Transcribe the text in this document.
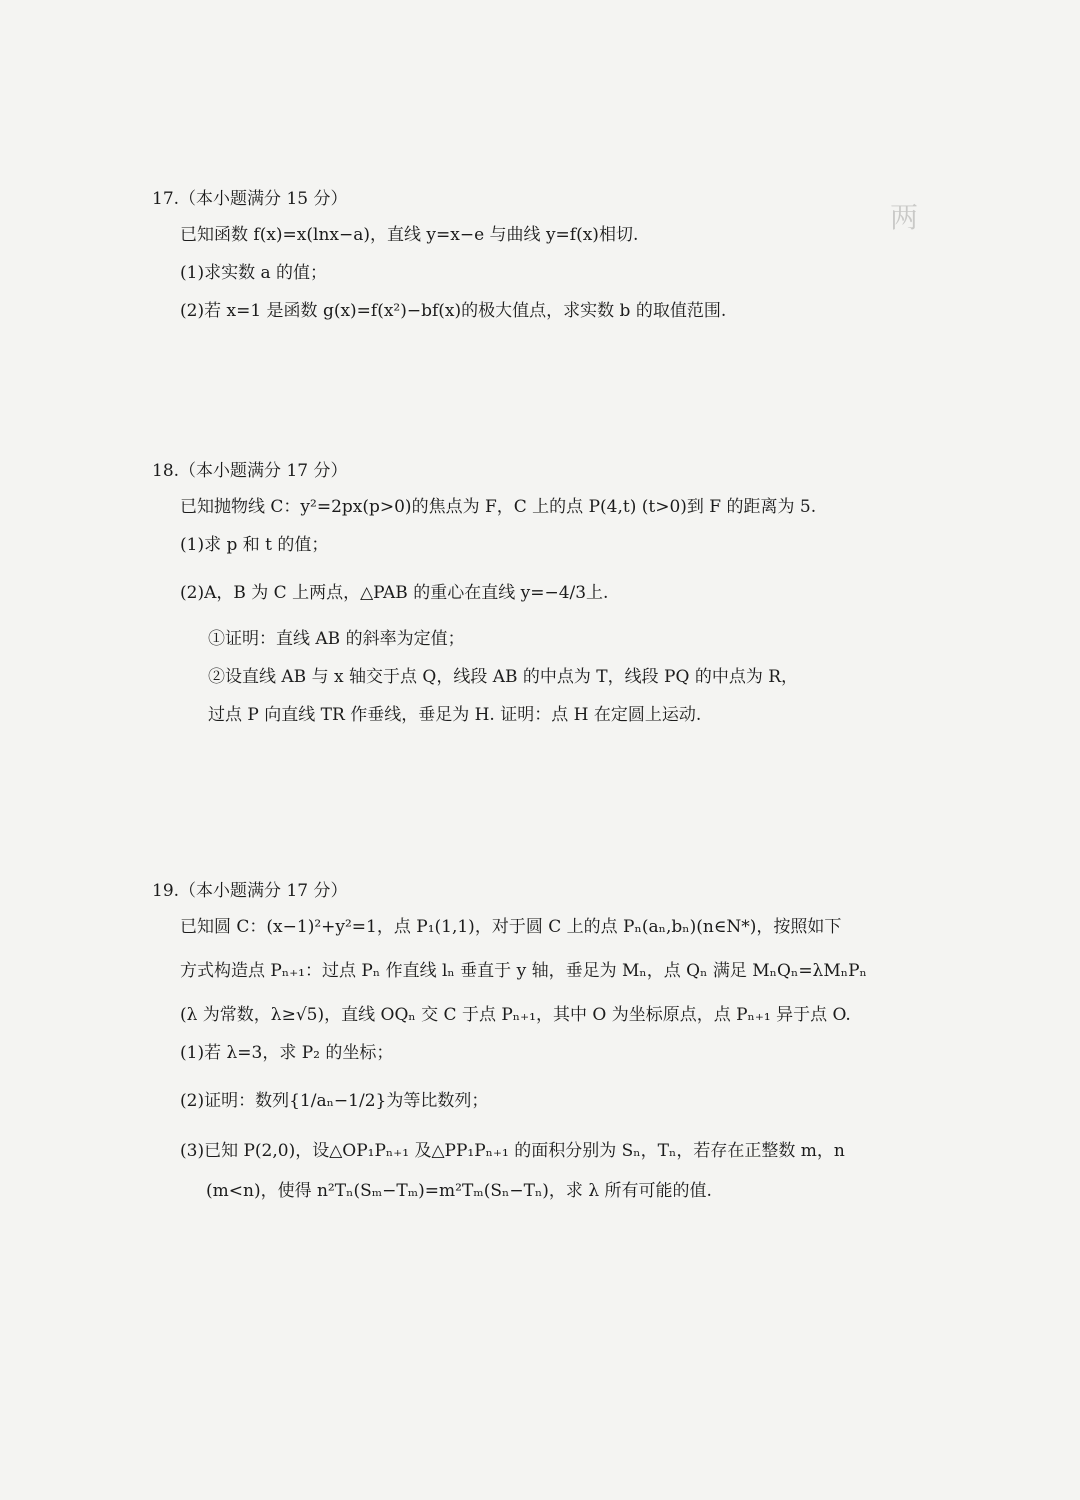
两
17.（本小题满分 15 分）
已知函数 f(x)=x(lnx−a)，直线 y=x−e 与曲线 y=f(x)相切.
(1)求实数 a 的值；
(2)若 x=1 是函数 g(x)=f(x²)−bf(x)的极大值点，求实数 b 的取值范围.
18.（本小题满分 17 分）
已知抛物线 C：y²=2px(p>0)的焦点为 F，C 上的点 P(4,t) (t>0)到 F 的距离为 5.
(1)求 p 和 t 的值；
(2)A，B 为 C 上两点，△PAB 的重心在直线 y=−4/3上.
①证明：直线 AB 的斜率为定值；
②设直线 AB 与 x 轴交于点 Q，线段 AB 的中点为 T，线段 PQ 的中点为 R，
过点 P 向直线 TR 作垂线，垂足为 H. 证明：点 H 在定圆上运动.
19.（本小题满分 17 分）
已知圆 C：(x−1)²+y²=1，点 P₁(1,1)，对于圆 C 上的点 Pₙ(aₙ,bₙ)(n∈N*)，按照如下
方式构造点 Pₙ₊₁：过点 Pₙ 作直线 lₙ 垂直于 y 轴，垂足为 Mₙ，点 Qₙ 满足 MₙQₙ=λMₙPₙ
(λ 为常数，λ≥√5)，直线 OQₙ 交 C 于点 Pₙ₊₁，其中 O 为坐标原点，点 Pₙ₊₁ 异于点 O.
(1)若 λ=3，求 P₂ 的坐标；
(2)证明：数列{1/aₙ−1/2}为等比数列；
(3)已知 P(2,0)，设△OP₁Pₙ₊₁ 及△PP₁Pₙ₊₁ 的面积分别为 Sₙ，Tₙ，若存在正整数 m，n
(m<n)，使得 n²Tₙ(Sₘ−Tₘ)=m²Tₘ(Sₙ−Tₙ)，求 λ 所有可能的值.
